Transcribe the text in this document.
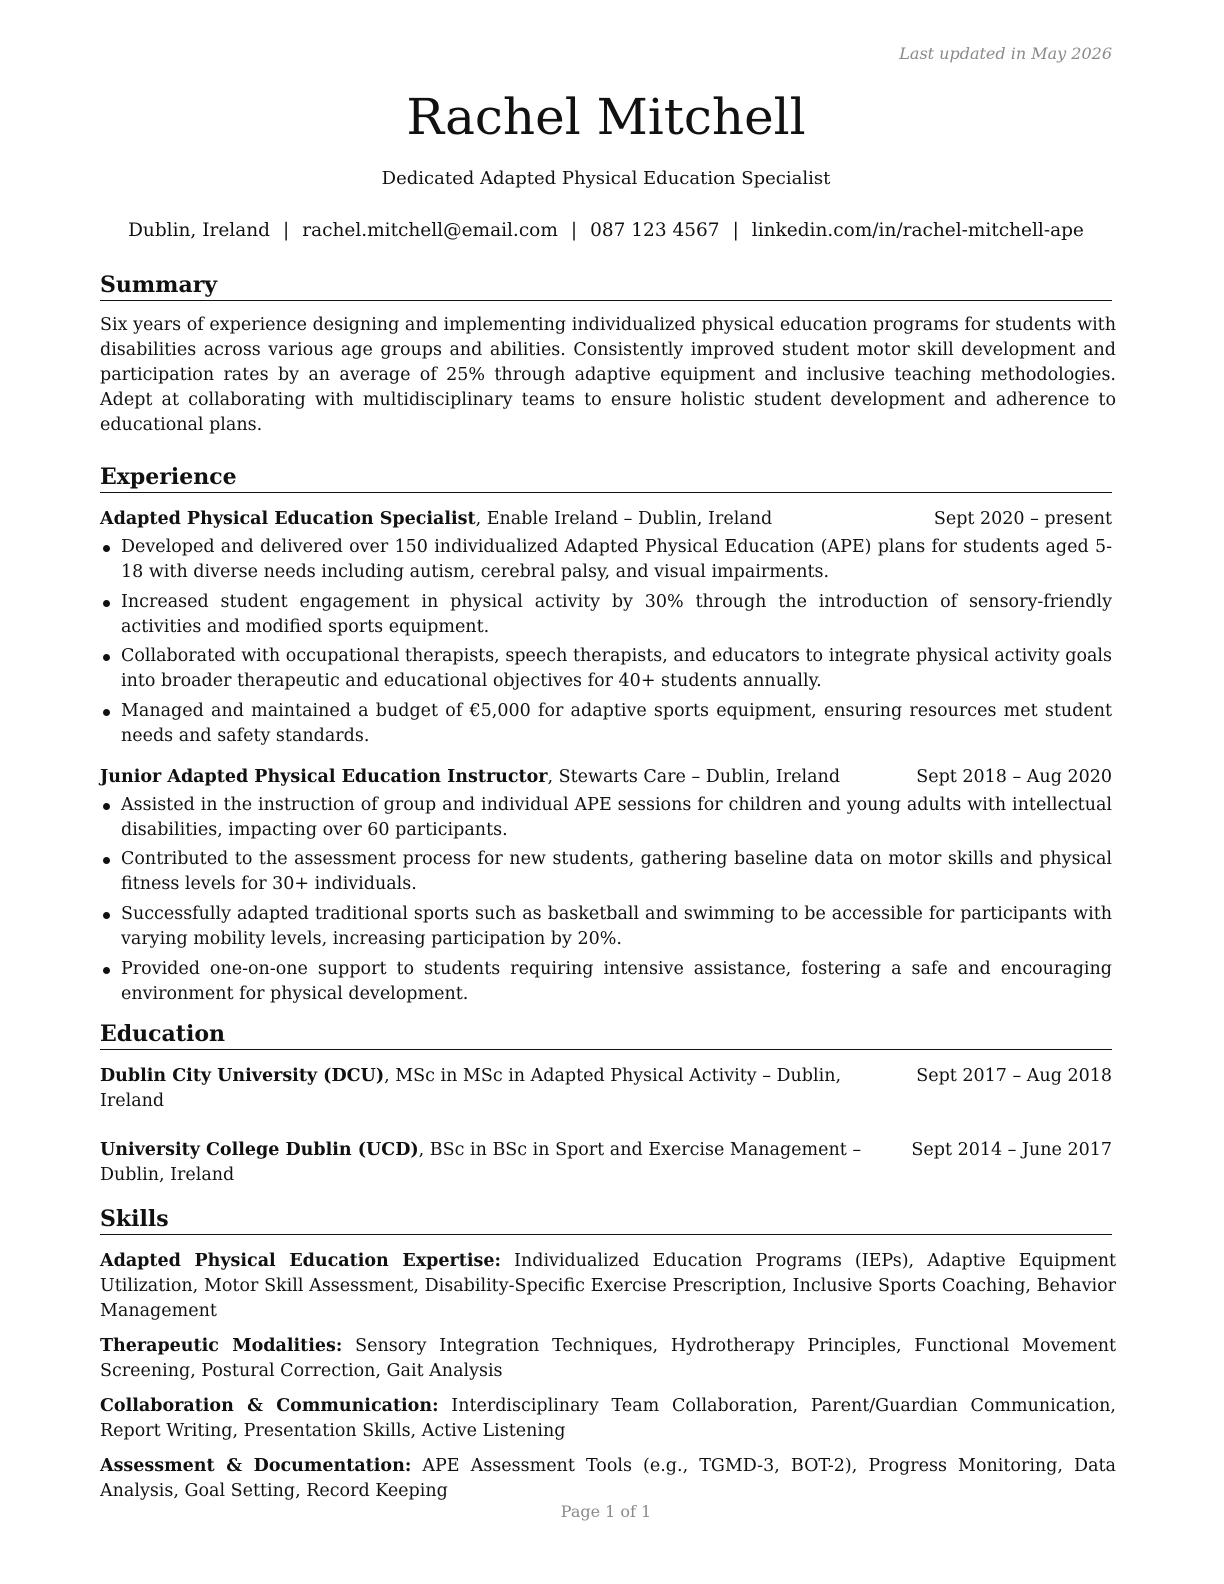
Last updated in May 2026
Rachel Mitchell
Dedicated Adapted Physical Education Specialist
Dublin, Ireland | rachel.mitchell@email.com | 087 123 4567 | linkedin.com/in/rachel-mitchell-ape
Summary

Six years of experience designing and implementing individualized physical education programs for students with disabilities across various age groups and abilities. Consistently improved student motor skill development and participation rates by an average of 25% through adaptive equipment and inclusive teaching methodologies. Adept at collaborating with multidisciplinary teams to ensure holistic student development and adherence to educational plans.

Experience
Adapted Physical Education Specialist, Enable Ireland – Dublin, Ireland	Sept 2020 – present
Developed and delivered over 150 individualized Adapted Physical Education (APE) plans for students aged 5-18 with diverse needs including autism, cerebral palsy, and visual impairments.
Increased student engagement in physical activity by 30% through the introduction of sensory-friendly activities and modified sports equipment.
Collaborated with occupational therapists, speech therapists, and educators to integrate physical activity goals into broader therapeutic and educational objectives for 40+ students annually.
Managed and maintained a budget of €5,000 for adaptive sports equipment, ensuring resources met student needs and safety standards.
Junior Adapted Physical Education Instructor, Stewarts Care – Dublin, Ireland	Sept 2018 – Aug 2020
Assisted in the instruction of group and individual APE sessions for children and young adults with intellectual disabilities, impacting over 60 participants.
Contributed to the assessment process for new students, gathering baseline data on motor skills and physical fitness levels for 30+ individuals.
Successfully adapted traditional sports such as basketball and swimming to be accessible for participants with varying mobility levels, increasing participation by 20%.
Provided one-on-one support to students requiring intensive assistance, fostering a safe and encouraging environment for physical development.
Education
Dublin City University (DCU), MSc in MSc in Adapted Physical Activity – Dublin, Ireland
Sept 2017 – Aug 2018
University College Dublin (UCD), BSc in BSc in Sport and Exercise Management – Dublin, Ireland
Sept 2014 – June 2017
Skills

Adapted Physical Education Expertise: Individualized Education Programs (IEPs), Adaptive Equipment Utilization, Motor Skill Assessment, Disability-Specific Exercise Prescription, Inclusive Sports Coaching, Behavior Management

Therapeutic Modalities: Sensory Integration Techniques, Hydrotherapy Principles, Functional Movement Screening, Postural Correction, Gait Analysis

Collaboration & Communication: Interdisciplinary Team Collaboration, Parent/Guardian Communication, Report Writing, Presentation Skills, Active Listening

Assessment & Documentation: APE Assessment Tools (e.g., TGMD-3, BOT-2), Progress Monitoring, Data Analysis, Goal Setting, Record Keeping

Page 1 of 1
